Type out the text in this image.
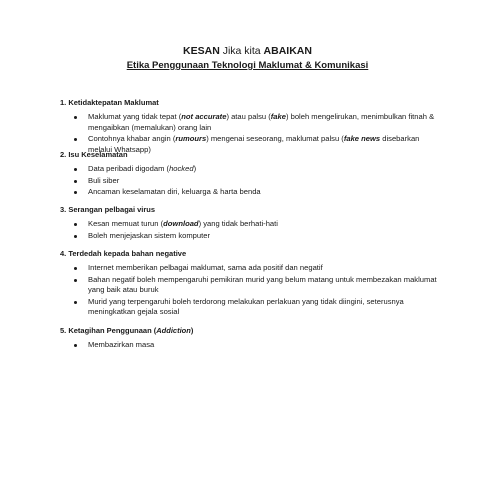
KESAN Jika kita ABAIKAN
Etika Penggunaan Teknologi Maklumat & Komunikasi

1. Ketidaktepatan Maklumat

Maklumat yang tidak tepat (not accurate) atau palsu (fake) boleh mengelirukan, menimbulkan fitnah & mengaibkan (memalukan) orang lain
Contohnya khabar angin (rumours) mengenai seseorang, maklumat palsu (fake news disebarkan melalui Whatsapp)

2. Isu Keselamatan

Data peribadi digodam (hocked)
Buli siber
Ancaman keselamatan diri, keluarga & harta benda

3. Serangan pelbagai virus

Kesan memuat turun (download) yang tidak berhati-hati
Boleh menjejaskan sistem komputer

4. Terdedah kepada bahan negative

Internet memberikan pelbagai maklumat, sama ada positif dan negatif
Bahan negatif boleh mempengaruhi pemikiran murid yang belum matang untuk membezakan maklumat yang baik atau buruk
Murid yang terpengaruhi boleh terdorong melakukan perlakuan yang tidak diingini, seterusnya meningkatkan gejala sosial

5. Ketagihan Penggunaan (Addiction)

Membazirkan masa
